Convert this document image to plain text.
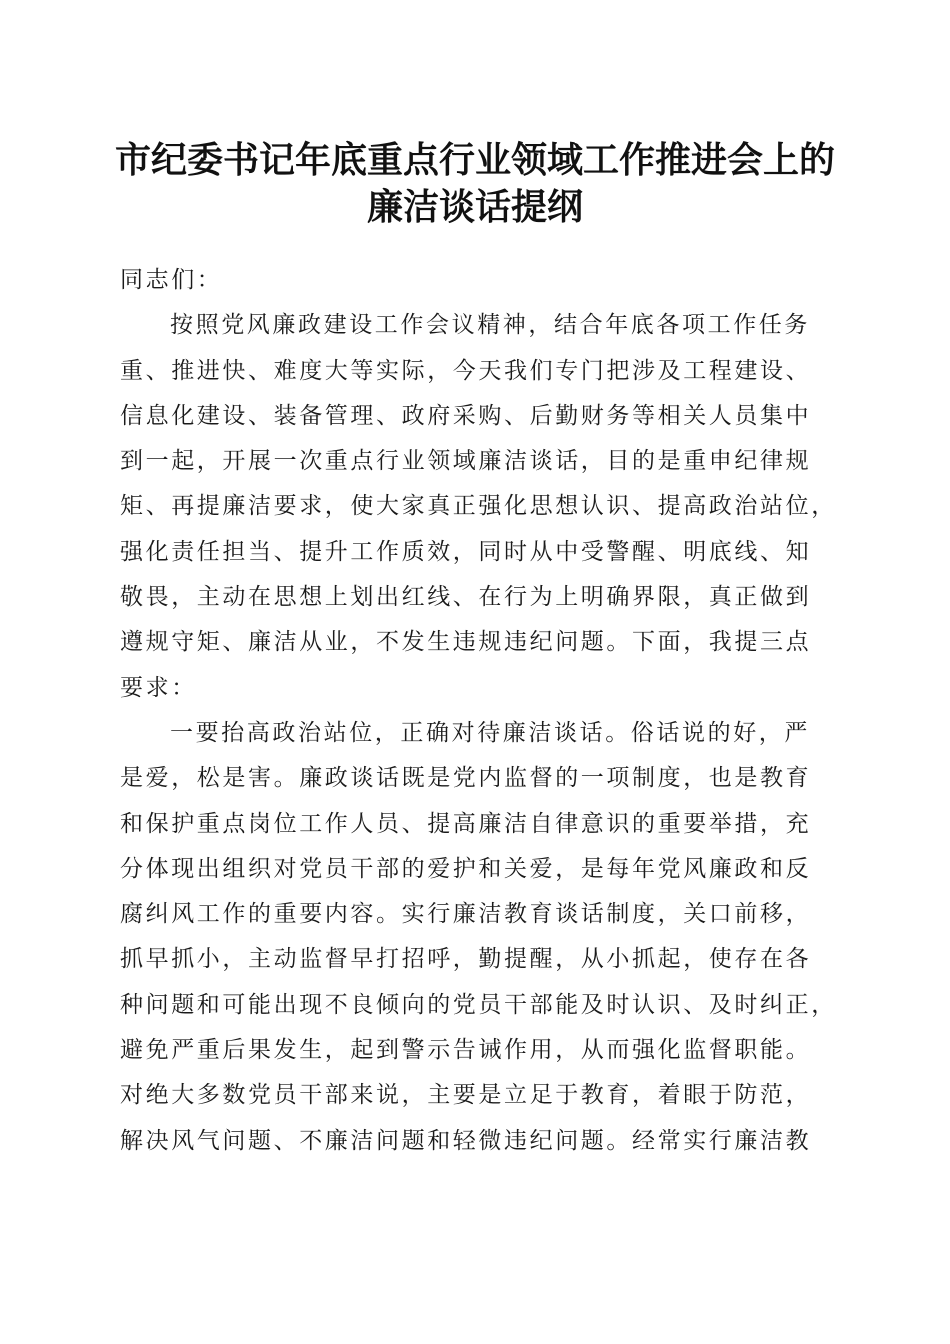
市纪委书记年底重点行业领域工作推进会上的
廉洁谈话提纲
同志们：
按照党风廉政建设工作会议精神，结合年底各项工作任务
重、推进快、难度大等实际，今天我们专门把涉及工程建设、
信息化建设、装备管理、政府采购、后勤财务等相关人员集中
到一起，开展一次重点行业领域廉洁谈话，目的是重申纪律规
矩、再提廉洁要求，使大家真正强化思想认识、提高政治站位，
强化责任担当、提升工作质效，同时从中受警醒、明底线、知
敬畏，主动在思想上划出红线、在行为上明确界限，真正做到
遵规守矩、廉洁从业，不发生违规违纪问题。下面，我提三点
要求：
一要抬高政治站位，正确对待廉洁谈话。俗话说的好，严
是爱，松是害。廉政谈话既是党内监督的一项制度，也是教育
和保护重点岗位工作人员、提高廉洁自律意识的重要举措，充
分体现出组织对党员干部的爱护和关爱，是每年党风廉政和反
腐纠风工作的重要内容。实行廉洁教育谈话制度，关口前移，
抓早抓小，主动监督早打招呼，勤提醒，从小抓起，使存在各
种问题和可能出现不良倾向的党员干部能及时认识、及时纠正，
避免严重后果发生，起到警示告诫作用，从而强化监督职能。
对绝大多数党员干部来说，主要是立足于教育，着眼于防范，
解决风气问题、不廉洁问题和轻微违纪问题。经常实行廉洁教
